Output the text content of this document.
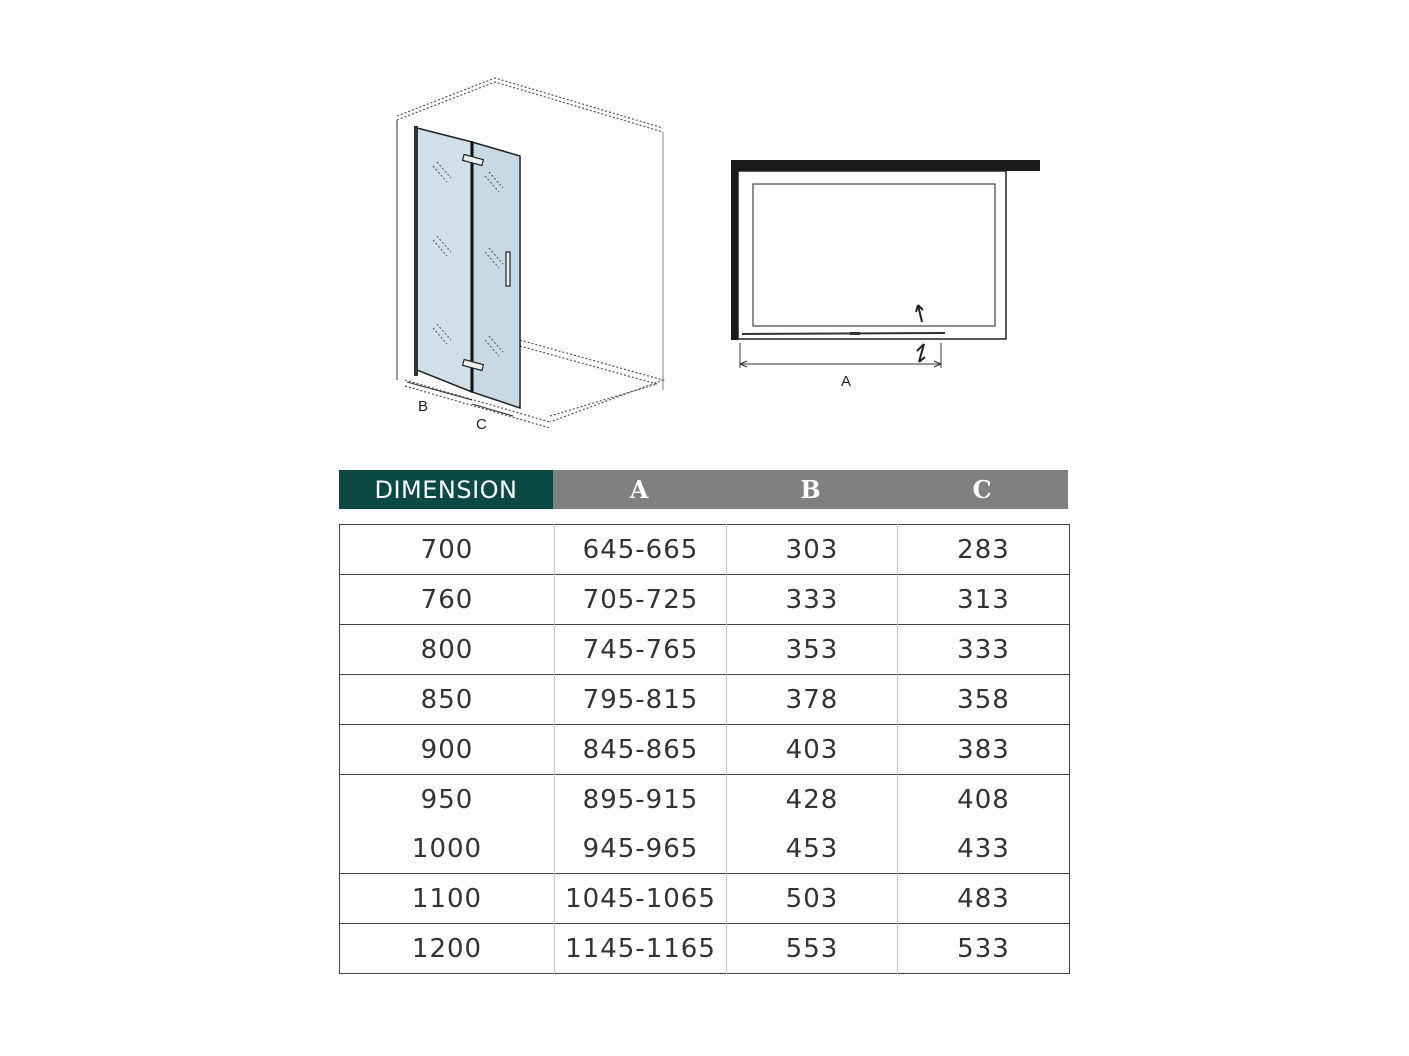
B
C
A
DIMENSION	A	B	C
700	645-665	303	283
760	705-725	333	313
800	745-765	353	333
850	795-815	378	358
900	845-865	403	383
950	895-915	428	408
1000	945-965	453	433
1100	1045-1065	503	483
1200	1145-1165	553	533
